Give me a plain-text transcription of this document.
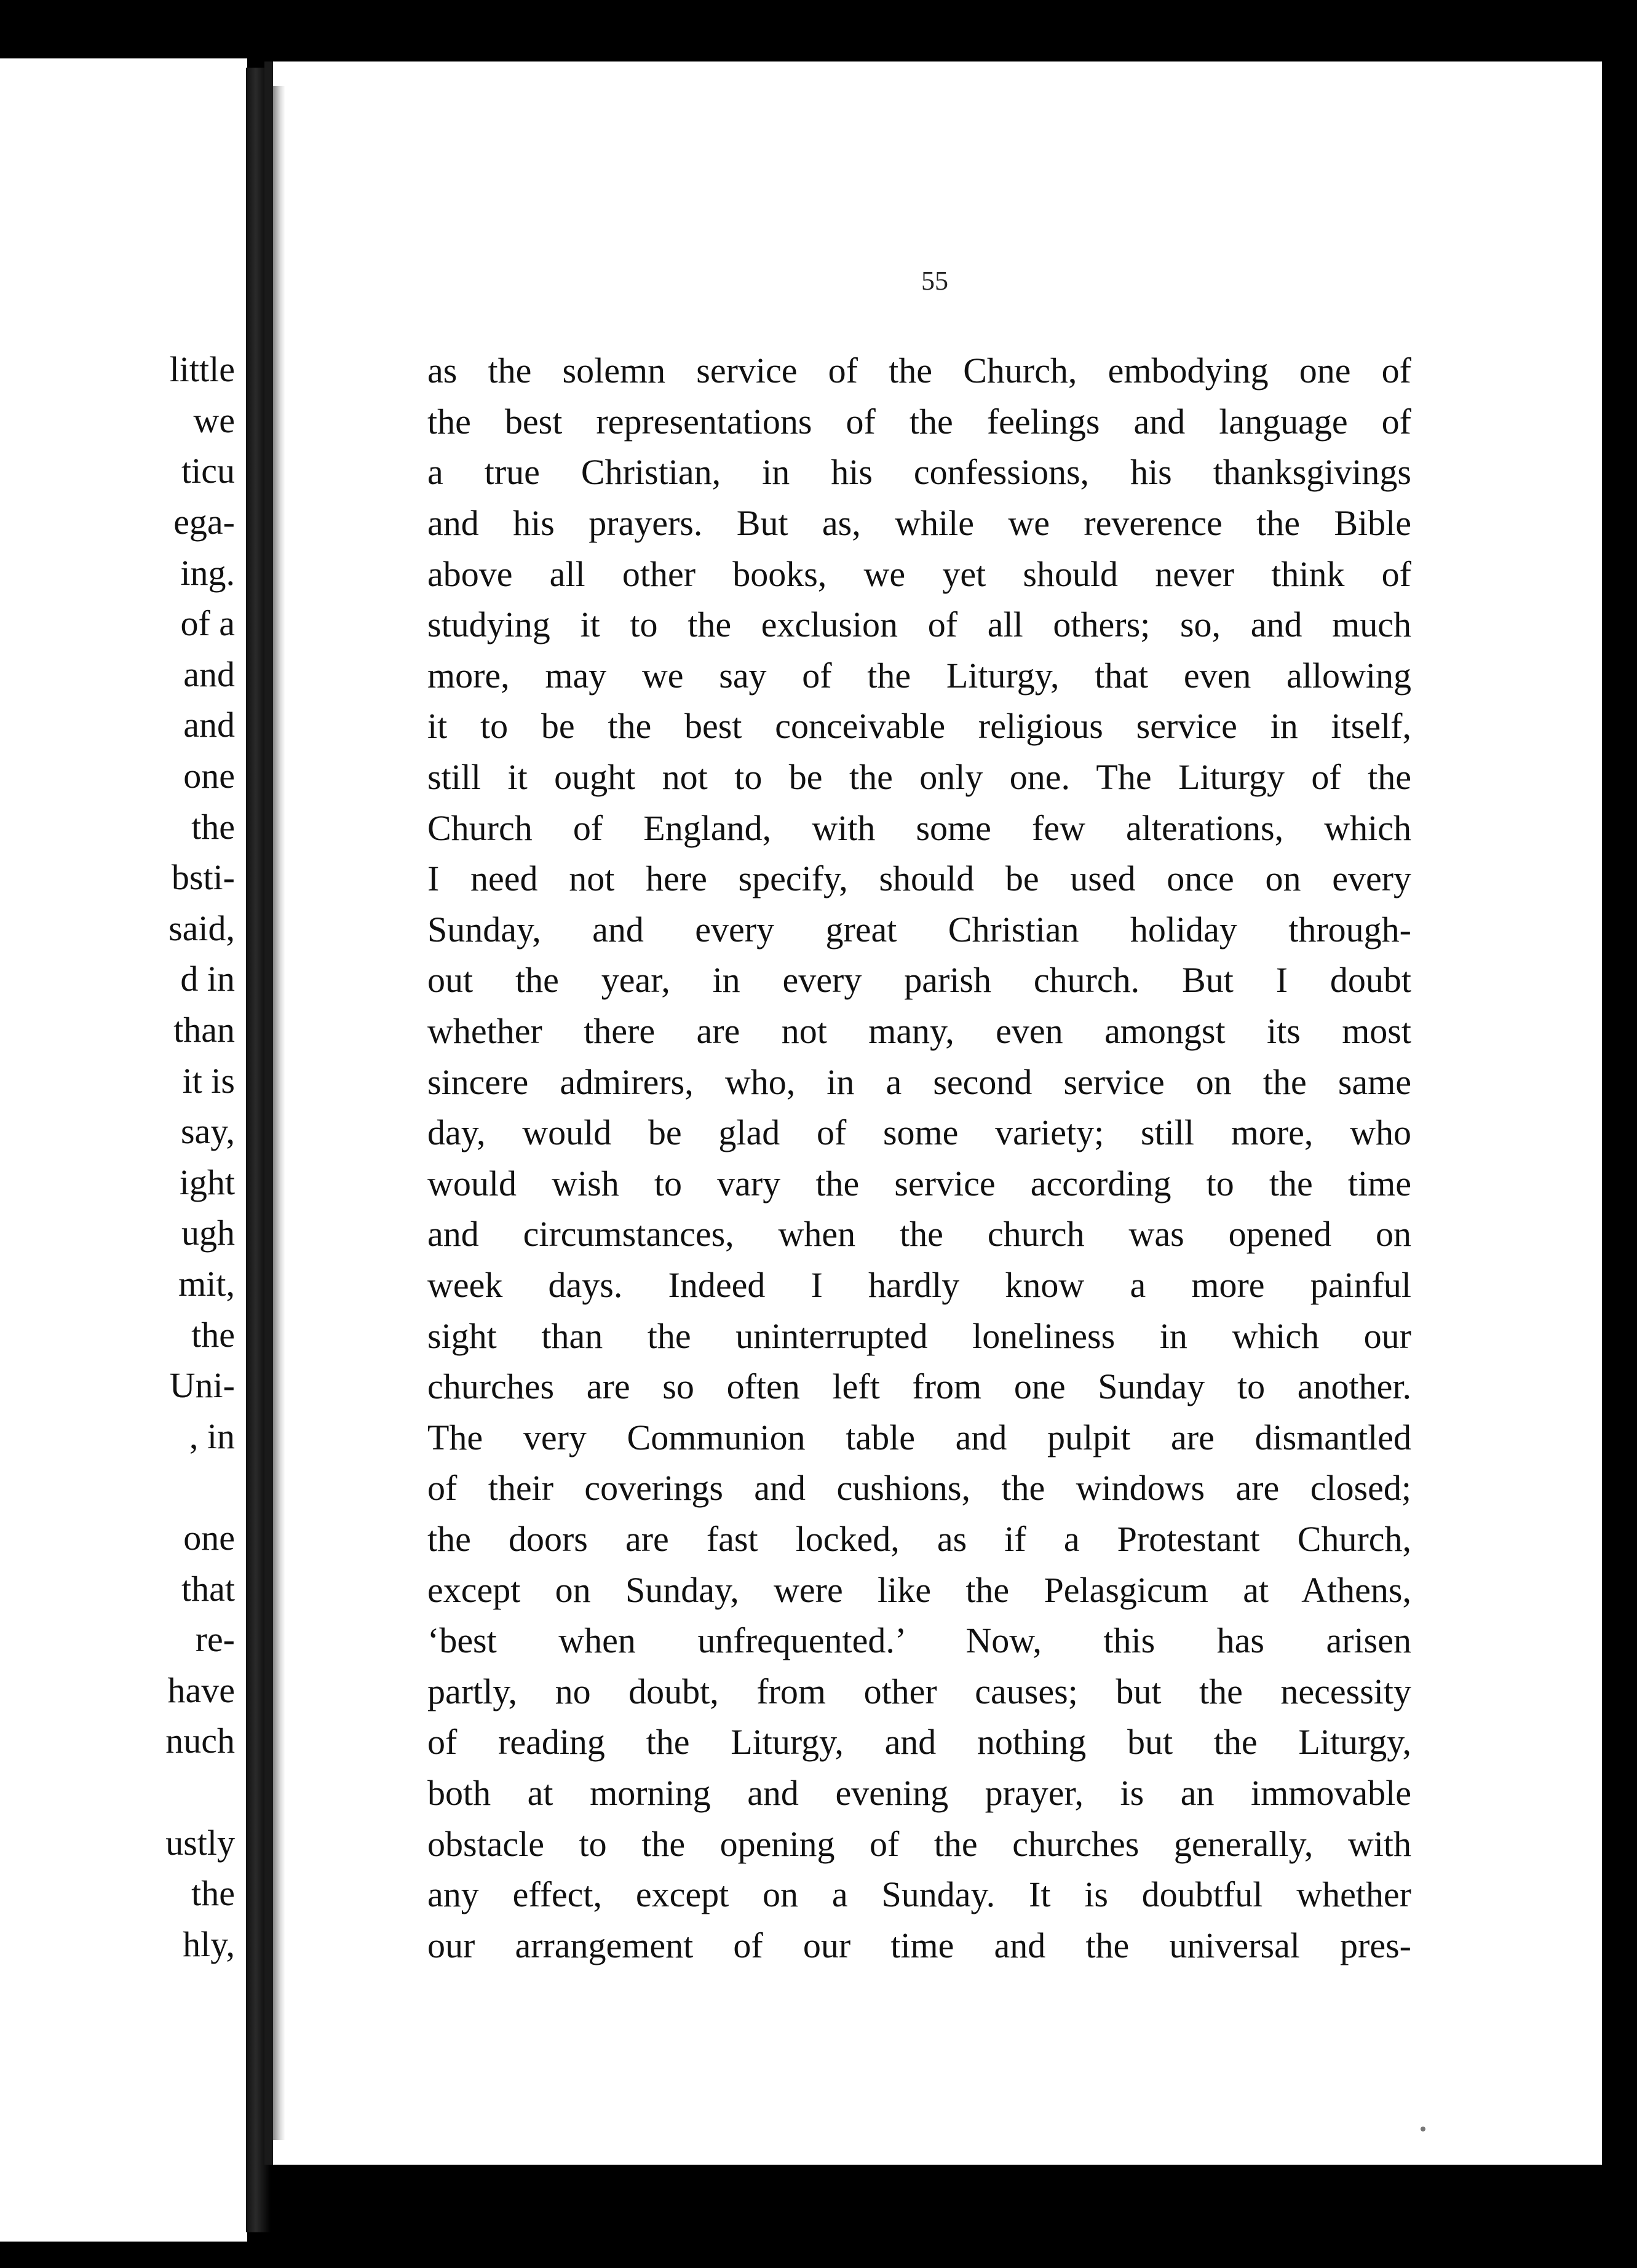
little
we
ticu
ega-
ing.
of a
and
and
one
the
bsti-
said,
d in
than
it is
say,
ight
ugh
mit,
the
Uni-
, in
one
that
re-
have
nuch
ustly
the
hly,
55
as the solemn service of the Church, embodying one of
the best representations of the feelings and language of
a true Christian, in his confessions, his thanksgivings
and his prayers. But as, while we reverence the Bible
above all other books, we yet should never think of
studying it to the exclusion of all others; so, and much
more, may we say of the Liturgy, that even allowing
it to be the best conceivable religious service in itself,
still it ought not to be the only one. The Liturgy of the
Church of England, with some few alterations, which
I need not here specify, should be used once on every
Sunday, and every great Christian holiday through-
out the year, in every parish church. But I doubt
whether there are not many, even amongst its most
sincere admirers, who, in a second service on the same
day, would be glad of some variety; still more, who
would wish to vary the service according to the time
and circumstances, when the church was opened on
week days. Indeed I hardly know a more painful
sight than the uninterrupted loneliness in which our
churches are so often left from one Sunday to another.
The very Communion table and pulpit are dismantled
of their coverings and cushions, the windows are closed;
the doors are fast locked, as if a Protestant Church,
except on Sunday, were like the Pelasgicum at Athens,
‘best when unfrequented.’ Now, this has arisen
partly, no doubt, from other causes; but the necessity
of reading the Liturgy, and nothing but the Liturgy,
both at morning and evening prayer, is an immovable
obstacle to the opening of the churches generally, with
any effect, except on a Sunday. It is doubtful whether
our arrangement of our time and the universal pres-
